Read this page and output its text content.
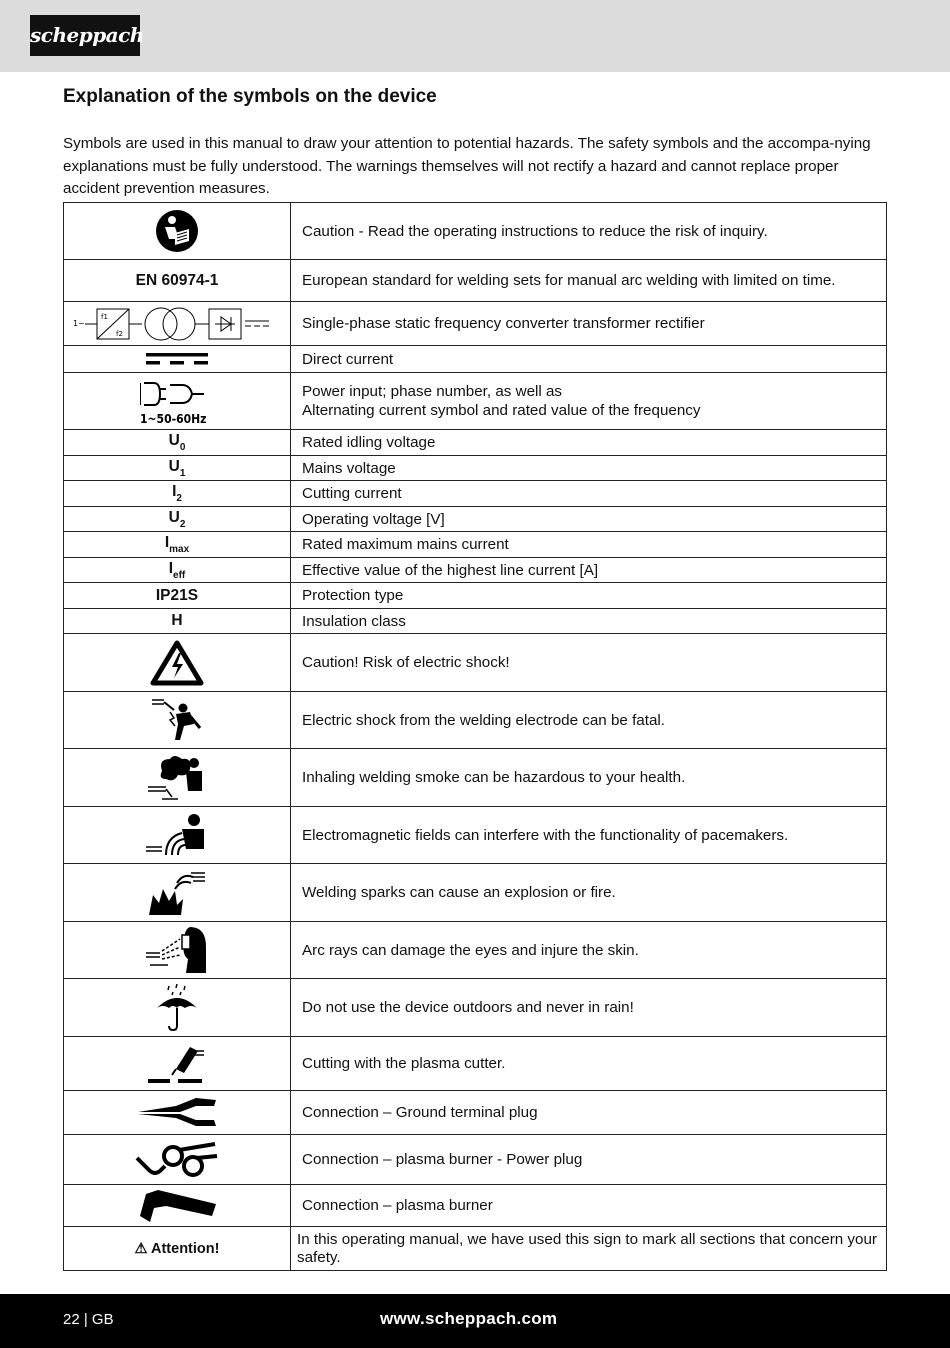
scheppach
Explanation of the symbols on the device

Symbols are used in this manual to draw your attention to potential hazards. The safety symbols and the accompa-nying explanations must be fully understood. The warnings themselves will not rectify a hazard and cannot replace proper accident prevention measures.

	Caution - Read the operating instructions to reduce the risk of inquiry.
EN 60974-1	European standard for welding sets for manual arc welding with limited on time.

1~
f1
f2	Single-phase static frequency converter transformer rectifier

	Direct current

1~50-60Hz	Power input; phase number, as well as
Alternating current symbol and rated value of the frequency

$U_0$	Rated idling voltage
$U_1$	Mains voltage
$I_2$	Cutting current
$U_2$	Operating voltage [V]
$I_{max}$	Rated maximum mains current
$I_{eff}$	Effective value of the highest line current [A]
IP21S	Protection type
H	Insulation class

	Caution! Risk of electric shock!

	Electric shock from the welding electrode can be fatal.

	Inhaling welding smoke can be hazardous to your health.

	Electromagnetic fields can interfere with the functionality of pacemakers.

	Welding sparks can cause an explosion or fire.

	Arc rays can damage the eyes and injure the skin.

	Do not use the device outdoors and never in rain!

	Cutting with the plasma cutter.

	Connection – Ground terminal plug

	Connection – plasma burner - Power plug

	Connection – plasma burner
⚠ Attention!	In this operating manual, we have used this sign to mark all sections that concern your safety.
22 | GB	www.scheppach.com
